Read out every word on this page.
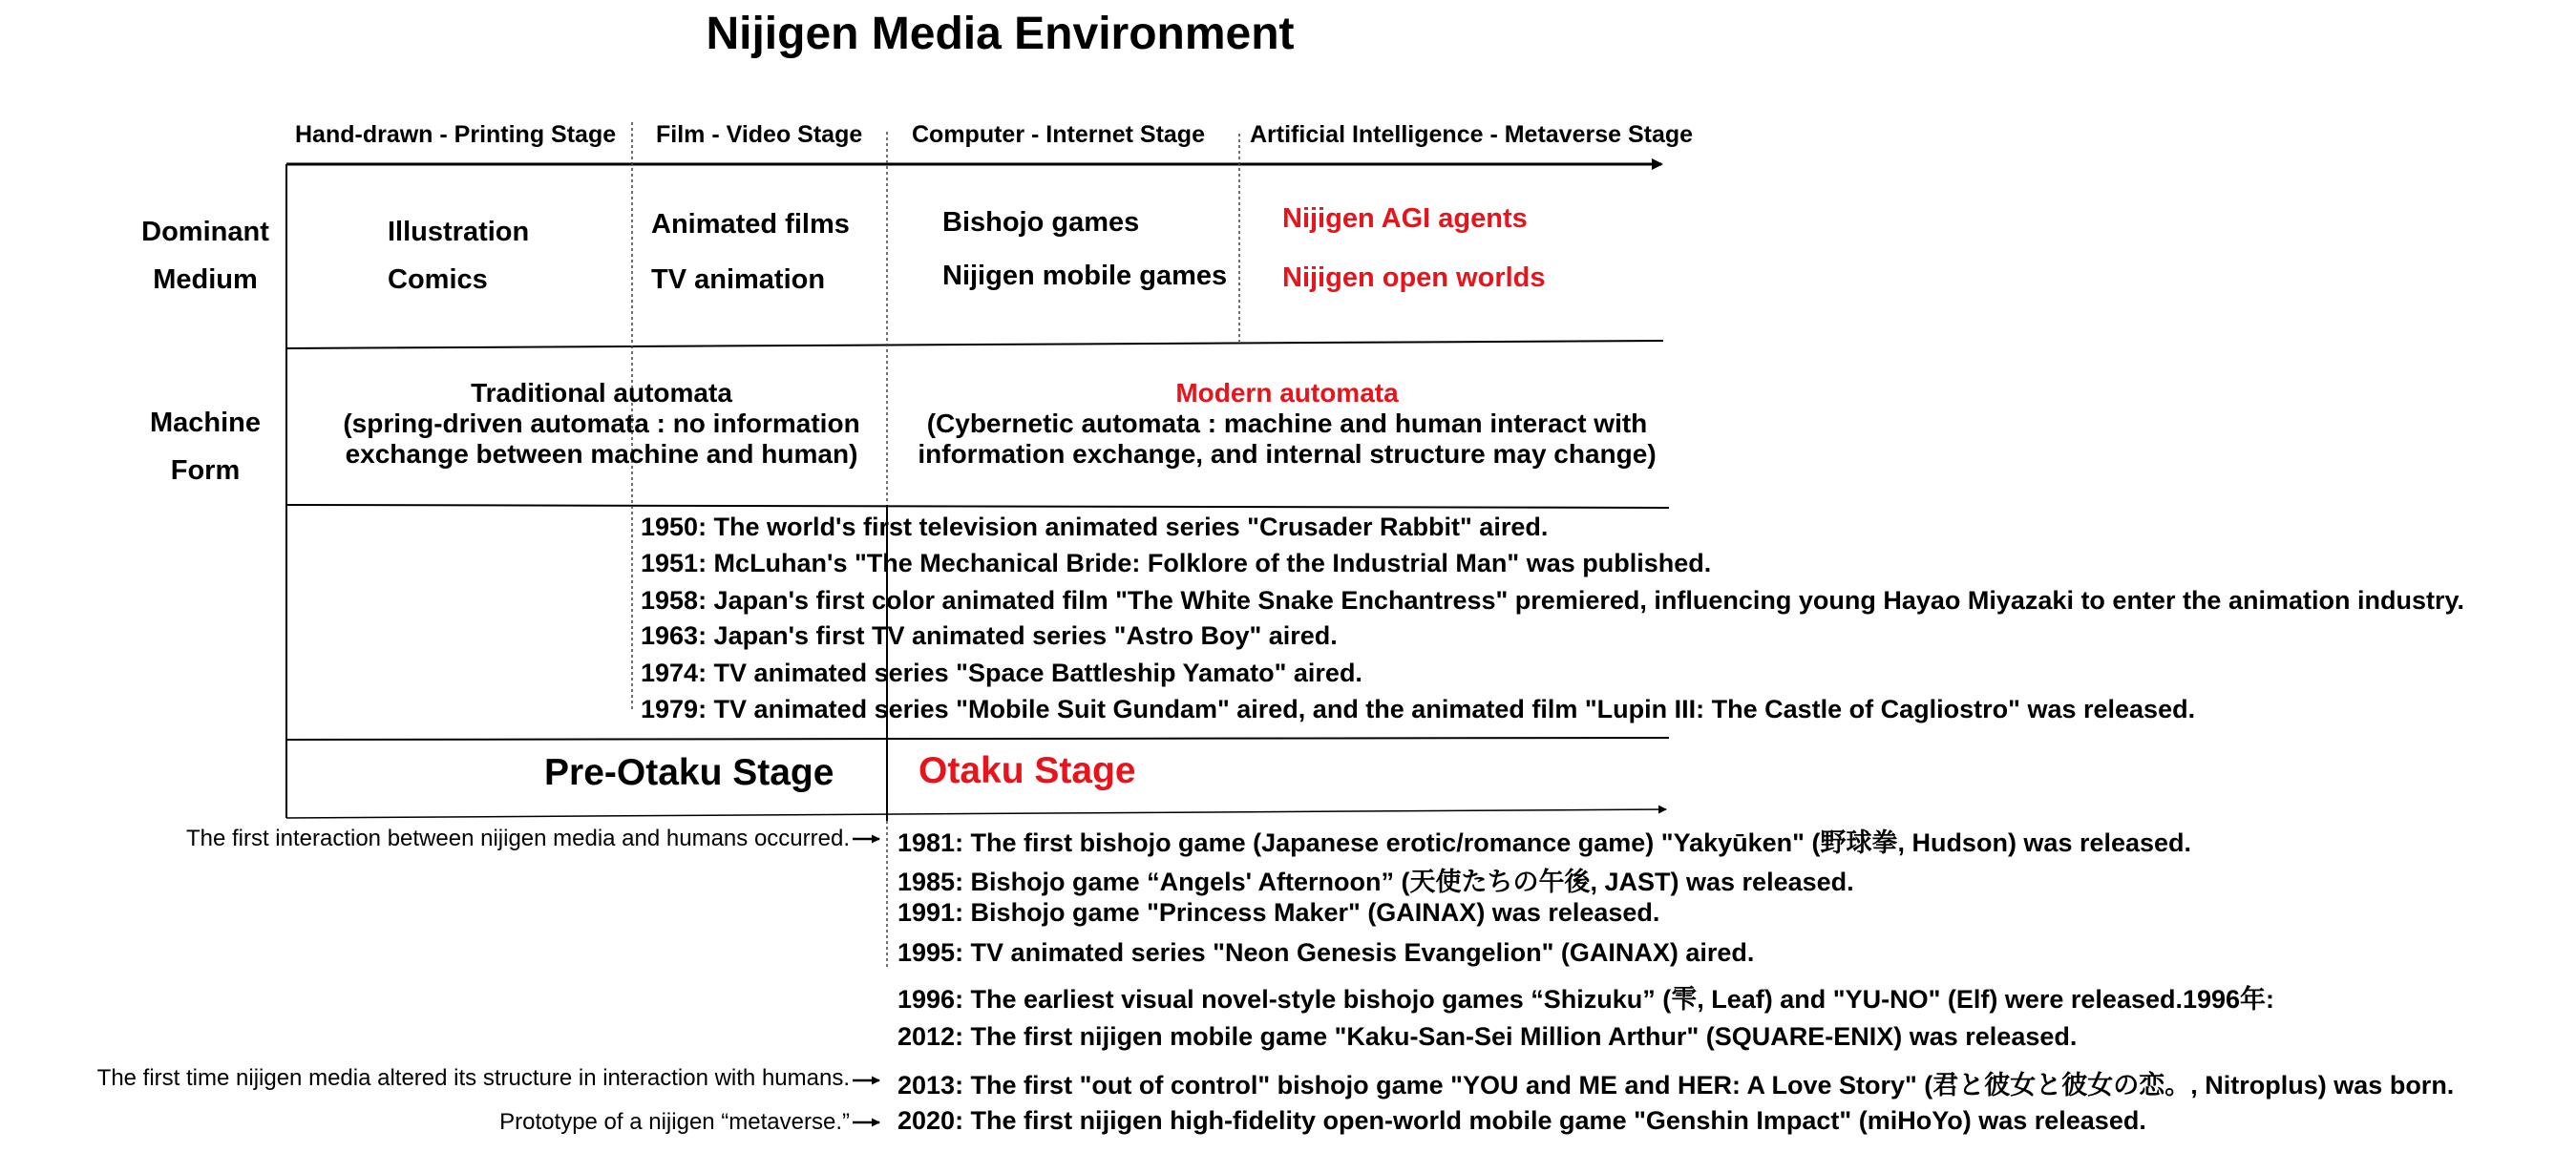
Nijigen Media Environment
Hand-drawn - Printing Stage Film - Video Stage Computer - Internet Stage Artificial Intelligence - Metaverse Stage
Dominant
Medium
Machine
Form
Illustration
Comics
Animated films
TV animation
Bishojo games
Nijigen mobile games
Nijigen AGI agents
Nijigen open worlds
Traditional automata
(spring-driven automata : no information
exchange between machine and human)
Modern automata
(Cybernetic automata : machine and human interact with
information exchange, and internal structure may change)
1950: The world's first television animated series "Crusader Rabbit" aired.
1951: McLuhan's "The Mechanical Bride: Folklore of the Industrial Man" was published.
1958: Japan's first color animated film "The White Snake Enchantress" premiered, influencing young Hayao Miyazaki to enter the animation industry.
1963: Japan's first TV animated series "Astro Boy" aired.
1974: TV animated series "Space Battleship Yamato" aired.
1979: TV animated series "Mobile Suit Gundam" aired, and the animated film "Lupin III: The Castle of Cagliostro" was released.
Pre-Otaku Stage Otaku Stage
1981: The first bishojo game (Japanese erotic/romance game) "Yakyūken" (野球拳, Hudson) was released.
1985: Bishojo game “Angels' Afternoon” (天使たちの午後, JAST) was released.
1991: Bishojo game "Princess Maker" (GAINAX) was released.
1995: TV animated series "Neon Genesis Evangelion" (GAINAX) aired.
1996: The earliest visual novel-style bishojo games “Shizuku” (雫, Leaf) and "YU-NO" (Elf) were released.1996年:
2012: The first nijigen mobile game "Kaku-San-Sei Million Arthur" (SQUARE-ENIX) was released.
2013: The first "out of control" bishojo game "YOU and ME and HER: A Love Story" (君と彼女と彼女の恋。, Nitroplus) was born.
2020: The first nijigen high-fidelity open-world mobile game "Genshin Impact" (miHoYo) was released.
The first interaction between nijigen media and humans occurred.
The first time nijigen media altered its structure in interaction with humans.
Prototype of a nijigen “metaverse.”
